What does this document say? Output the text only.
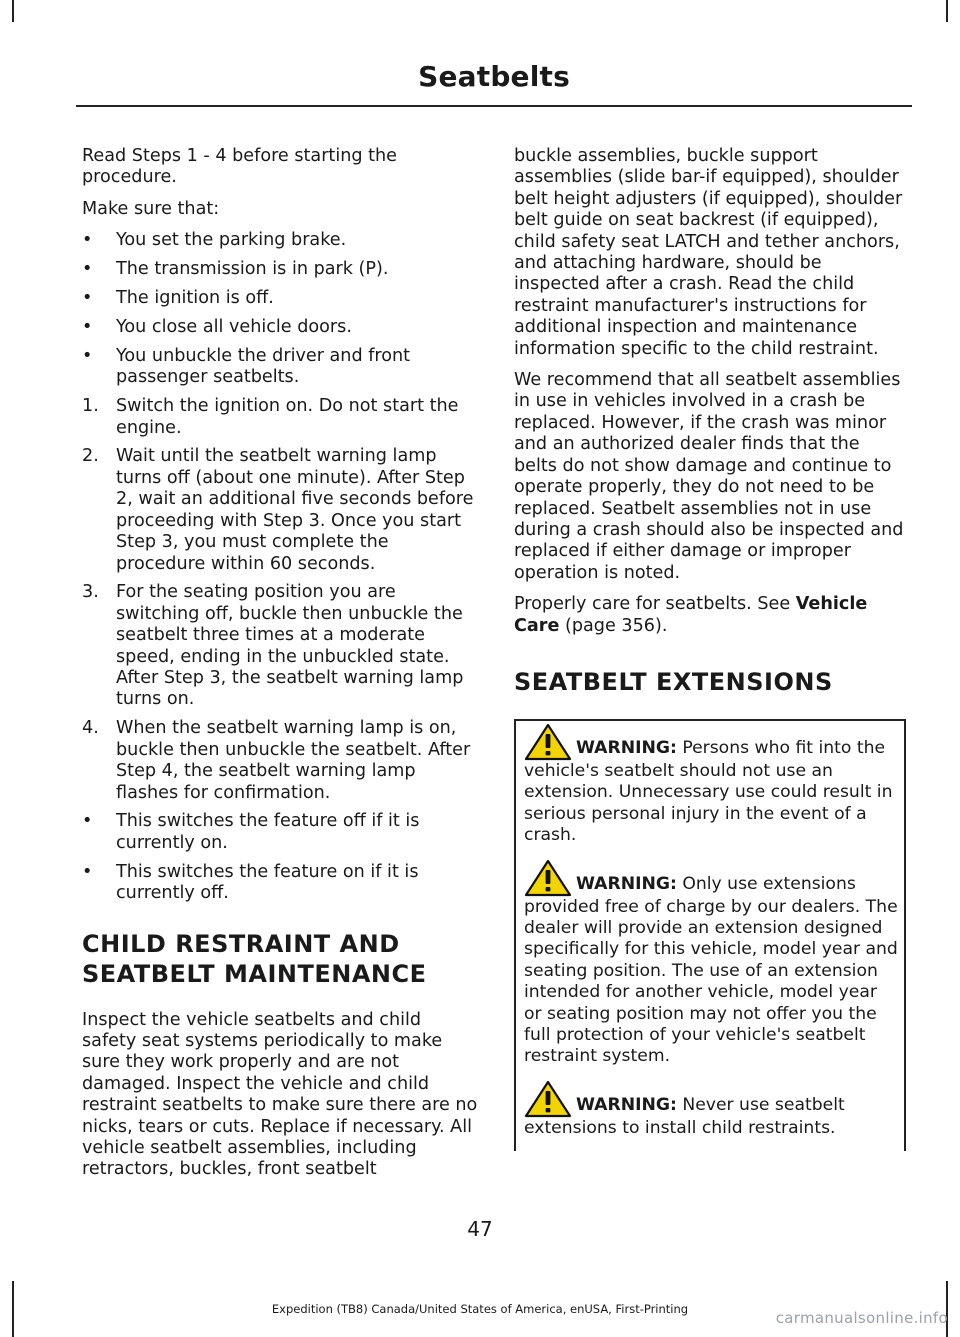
Seatbelts

Read Steps 1 - 4 before starting the procedure.

Make sure that:

• You set the parking brake.
• The transmission is in park (P).
• The ignition is off.
• You close all vehicle doors.
• You unbuckle the driver and front passenger seatbelts.
1. Switch the ignition on. Do not start the engine.
2. Wait until the seatbelt warning lamp turns off (about one minute). After Step 2, wait an additional five seconds before proceeding with Step 3. Once you start Step 3, you must complete the procedure within 60 seconds.
3. For the seating position you are switching off, buckle then unbuckle the seatbelt three times at a moderate speed, ending in the unbuckled state. After Step 3, the seatbelt warning lamp turns on.
4. When the seatbelt warning lamp is on, buckle then unbuckle the seatbelt. After Step 4, the seatbelt warning lamp flashes for confirmation.
• This switches the feature off if it is currently on.
• This switches the feature on if it is currently off.
CHILD RESTRAINT AND
SEATBELT MAINTENANCE

Inspect the vehicle seatbelts and child safety seat systems periodically to make sure they work properly and are not damaged. Inspect the vehicle and child restraint seatbelts to make sure there are no nicks, tears or cuts. Replace if necessary. All vehicle seatbelt assemblies, including retractors, buckles, front seatbelt

buckle assemblies, buckle support assemblies (slide bar-if equipped), shoulder belt height adjusters (if equipped), shoulder belt guide on seat backrest (if equipped), child safety seat LATCH and tether anchors, and attaching hardware, should be inspected after a crash. Read the child restraint manufacturer's instructions for additional inspection and maintenance information specific to the child restraint.

We recommend that all seatbelt assemblies in use in vehicles involved in a crash be replaced. However, if the crash was minor and an authorized dealer finds that the belts do not show damage and continue to operate properly, they do not need to be replaced. Seatbelt assemblies not in use during a crash should also be inspected and replaced if either damage or improper operation is noted.

Properly care for seatbelts. See Vehicle Care (page 356).

SEATBELT EXTENSIONS
WARNING: Persons who fit into the vehicle's seatbelt should not use an extension. Unnecessary use could result in serious personal injury in the event of a crash.
WARNING: Only use extensions provided free of charge by our dealers. The dealer will provide an extension designed specifically for this vehicle, model year and seating position. The use of an extension intended for another vehicle, model year or seating position may not offer you the full protection of your vehicle's seatbelt restraint system.
WARNING: Never use seatbelt extensions to install child restraints.
47
Expedition (TB8) Canada/United States of America, enUSA, First-Printing	carmanualsonline.info
